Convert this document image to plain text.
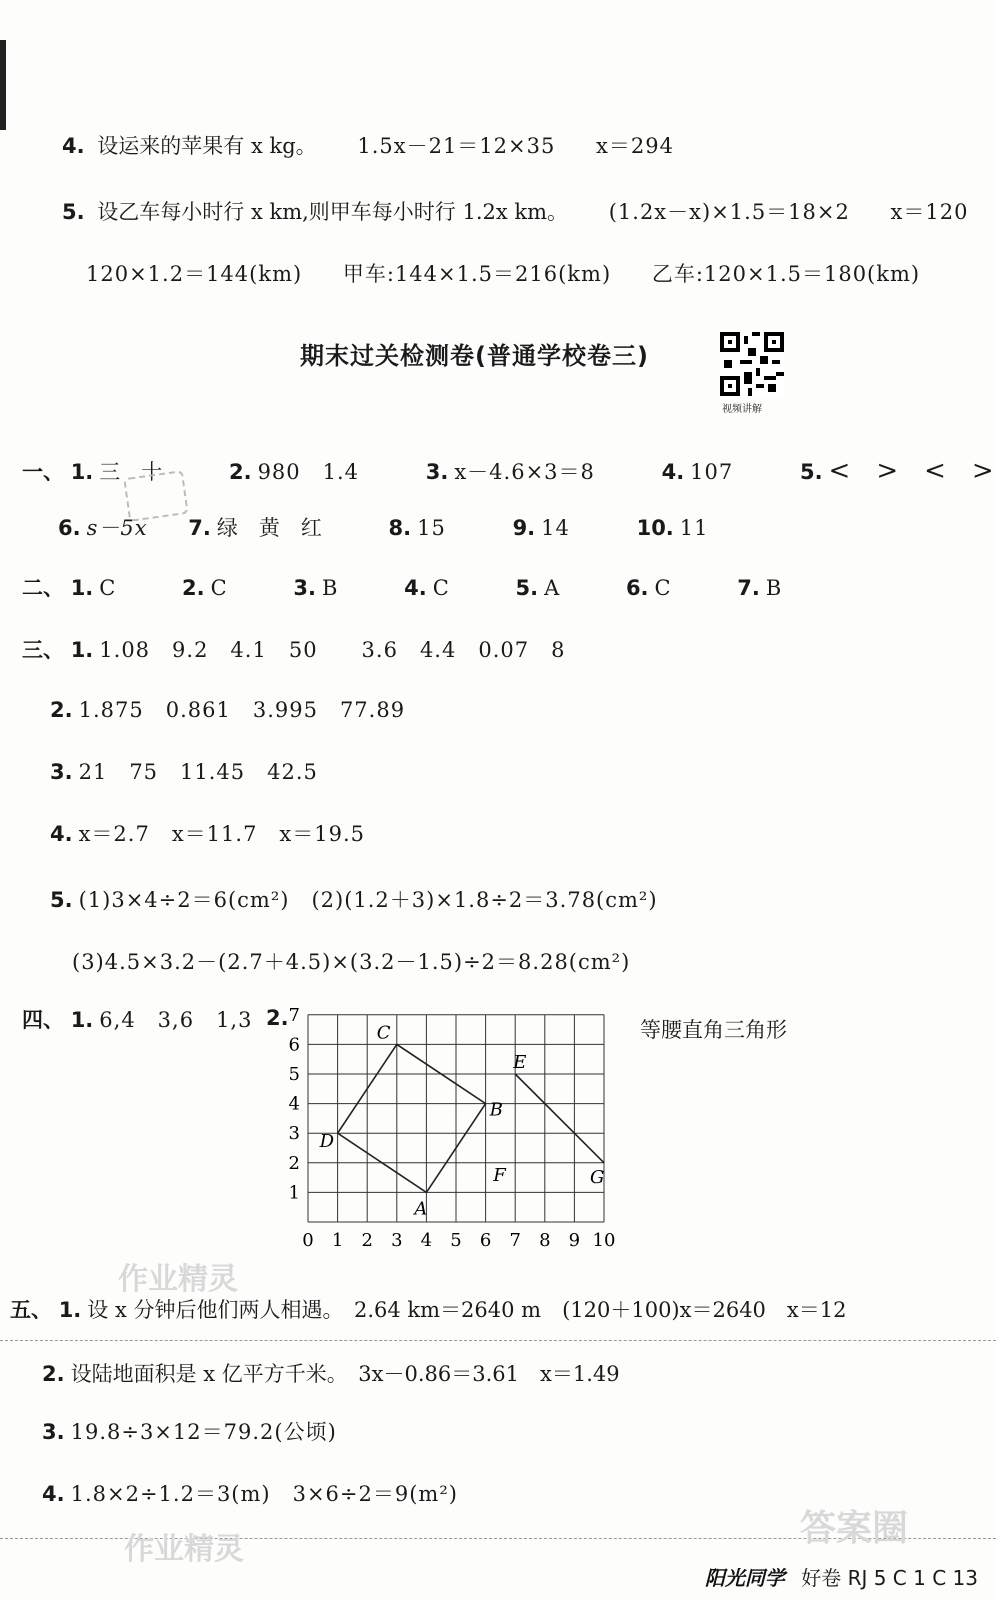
4. 设运来的苹果有 x kg。 1.5x－21＝12×35 x＝294
5. 设乙车每小时行 x km,则甲车每小时行 1.2x km。 (1.2x－x)×1.5＝18×2 x＝120
120×1.2＝144(km) 甲车:144×1.5＝216(km) 乙车:120×1.5＝180(km)
期末过关检测卷(普通学校卷三)
视频讲解
一、 1. 三　十	2. 980　1.4	3. x－4.6×3＝8	4. 107	5. <　>　<　>
6. s－5x 7. 绿　黄　红	8. 15	9. 14	10. 11
二、 1. C	2. C	3. B	4. C	5. A	6. C	7. B
三、 1. 1.08　9.2　4.1　50　　3.6　4.4　0.07　8
2. 1.875　0.861　3.995　77.89
3. 21　75　11.45　42.5
4. x＝2.7　x＝11.7　x＝19.5
5. (1)3×4÷2＝6(cm²)　(2)(1.2＋3)×1.8÷2＝3.78(cm²)
(3)4.5×3.2－(2.7＋4.5)×(3.2－1.5)÷2＝8.28(cm²)
四、 1. 6,4　3,6　1,3 2.	等腰直角三角形
0 1 2 3 4 5 6 7 8 9 10
1
2
3
4
5
6
7
A
B
C
D
E
F	G
五、 1. 设 x 分钟后他们两人相遇。　2.64 km＝2640 m　(120＋100)x＝2640　x＝12
2. 设陆地面积是 x 亿平方千米。　3x－0.86＝3.61　x＝1.49
3. 19.8÷3×12＝79.2(公顷)
4. 1.8×2÷1.2＝3(m)　3×6÷2＝9(m²)
作业精灵
作业精灵
答案圈
阳光同学 好卷 RJ 5 C 1 C 13
